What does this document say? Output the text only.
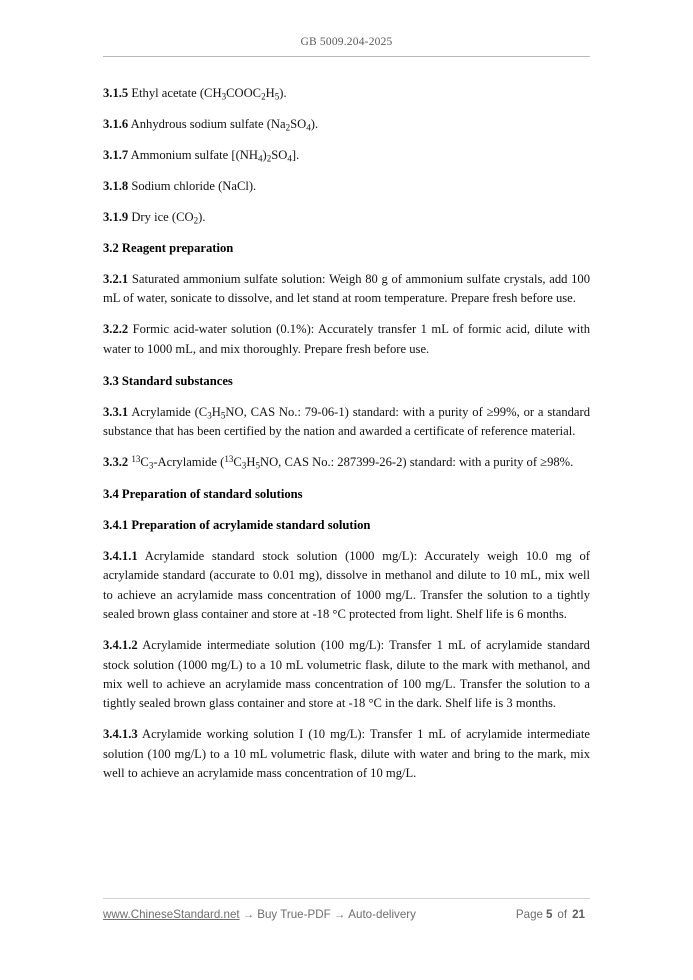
GB 5009.204-2025

3.1.5 Ethyl acetate $(CH_3COOC_2H_5)$.

3.1.6 Anhydrous sodium sulfate $(Na_2SO_4)$.

3.1.7 Ammonium sulfate $[(NH_4)_2SO_4]$.

3.1.8 Sodium chloride (NaCl).

3.1.9 Dry ice $(CO_2)$.

3.2 Reagent preparation

3.2.1 Saturated ammonium sulfate solution: Weigh 80 g of ammonium sulfate crystals, add 100 mL of water, sonicate to dissolve, and let stand at room temperature. Prepare fresh before use.

3.2.2 Formic acid-water solution (0.1%): Accurately transfer 1 mL of formic acid, dilute with water to 1000 mL, and mix thoroughly. Prepare fresh before use.

3.3 Standard substances

3.3.1 Acrylamide ($C_3H_5NO$, CAS No.: 79-06-1) standard: with a purity of ≥99%, or a standard substance that has been certified by the nation and awarded a certificate of reference material.

3.3.2 $^{13}C_3$-Acrylamide ($^{13}C_3H_5NO$, CAS No.: 287399-26-2) standard: with a purity of ≥98%.

3.4 Preparation of standard solutions

3.4.1 Preparation of acrylamide standard solution

3.4.1.1 Acrylamide standard stock solution (1000 mg/L): Accurately weigh 10.0 mg of acrylamide standard (accurate to 0.01 mg), dissolve in methanol and dilute to 10 mL, mix well to achieve an acrylamide mass concentration of 1000 mg/L. Transfer the solution to a tightly sealed brown glass container and store at -18 °C protected from light. Shelf life is 6 months.

3.4.1.2 Acrylamide intermediate solution (100 mg/L): Transfer 1 mL of acrylamide standard stock solution (1000 mg/L) to a 10 mL volumetric flask, dilute to the mark with methanol, and mix well to achieve an acrylamide mass concentration of 100 mg/L. Transfer the solution to a tightly sealed brown glass container and store at -18 °C in the dark. Shelf life is 3 months.

3.4.1.3 Acrylamide working solution I (10 mg/L): Transfer 1 mL of acrylamide intermediate solution (100 mg/L) to a 10 mL volumetric flask, dilute with water and bring to the mark, mix well to achieve an acrylamide mass concentration of 10 mg/L.

www.ChineseStandard.net → Buy True-PDF → Auto-delivery	Page 5 of 21
